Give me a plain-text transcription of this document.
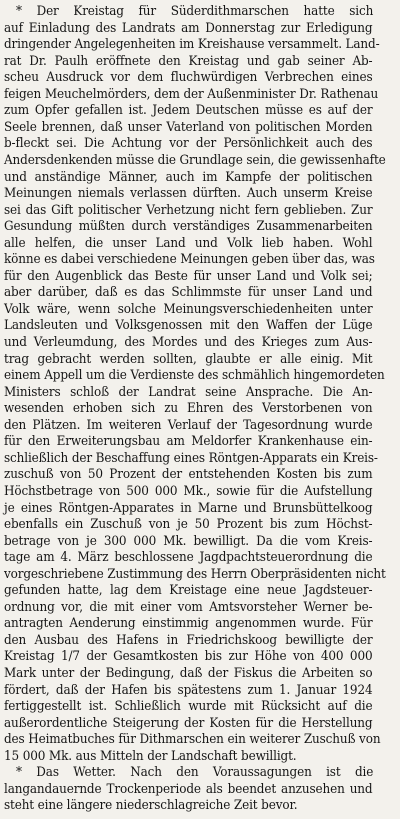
* Der Kreistag für Süderdithmarschen hatte sich
auf Einladung des Landrats am Donnerstag zur Erledigung
dringender Angelegenheiten im Kreishause versammelt. Land-
rat Dr. Paulh eröffnete den Kreistag und gab seiner Ab-
scheu Ausdruck vor dem fluchwürdigen Verbrechen eines
feigen Meuchelmörders, dem der Außenminister Dr. Rathenau
zum Opfer gefallen ist. Jedem Deutschen müsse es auf der
Seele brennen, daß unser Vaterland von politischen Morden
b-fleckt sei. Die Achtung vor der Persönlichkeit auch des
Andersdenkenden müsse die Grundlage sein, die gewissenhafte
und anständige Männer, auch im Kampfe der politischen
Meinungen niemals verlassen dürften. Auch unserm Kreise
sei das Gift politischer Verhetzung nicht fern geblieben. Zur
Gesundung müßten durch verständiges Zusammenarbeiten
alle helfen, die unser Land und Volk lieb haben. Wohl
könne es dabei verschiedene Meinungen geben über das, was
für den Augenblick das Beste für unser Land und Volk sei;
aber darüber, daß es das Schlimmste für unser Land und
Volk wäre, wenn solche Meinungsverschiedenheiten unter
Landsleuten und Volksgenossen mit den Waffen der Lüge
und Verleumdung, des Mordes und des Krieges zum Aus-
trag gebracht werden sollten, glaubte er alle einig. Mit
einem Appell um die Verdienste des schmählich hingemordeten
Ministers schloß der Landrat seine Ansprache. Die An-
wesenden erhoben sich zu Ehren des Verstorbenen von
den Plätzen. Im weiteren Verlauf der Tagesordnung wurde
für den Erweiterungsbau am Meldorfer Krankenhause ein-
schließlich der Beschaffung eines Röntgen-Apparats ein Kreis-
zuschuß von 50 Prozent der entstehenden Kosten bis zum
Höchstbetrage von 500 000 Mk., sowie für die Aufstellung
je eines Röntgen-Apparates in Marne und Brunsbüttelkoog
ebenfalls ein Zuschuß von je 50 Prozent bis zum Höchst-
betrage von je 300 000 Mk. bewilligt. Da die vom Kreis-
tage am 4. März beschlossene Jagdpachtsteuerordnung die
vorgeschriebene Zustimmung des Herrn Oberpräsidenten nicht
gefunden hatte, lag dem Kreistage eine neue Jagdsteuer-
ordnung vor, die mit einer vom Amtsvorsteher Werner be-
antragten Aenderung einstimmig angenommen wurde. Für
den Ausbau des Hafens in Friedrichskoog bewilligte der
Kreistag 1/7 der Gesamtkosten bis zur Höhe von 400 000
Mark unter der Bedingung, daß der Fiskus die Arbeiten so
fördert, daß der Hafen bis spätestens zum 1. Januar 1924
fertiggestellt ist. Schließlich wurde mit Rücksicht auf die
außerordentliche Steigerung der Kosten für die Herstellung
des Heimatbuches für Dithmarschen ein weiterer Zuschuß von
15 000 Mk. aus Mitteln der Landschaft bewilligt.
* Das Wetter. Nach den Voraussagungen ist die
langandauernde Trockenperiode als beendet anzusehen und
steht eine längere niederschlagreiche Zeit bevor.
